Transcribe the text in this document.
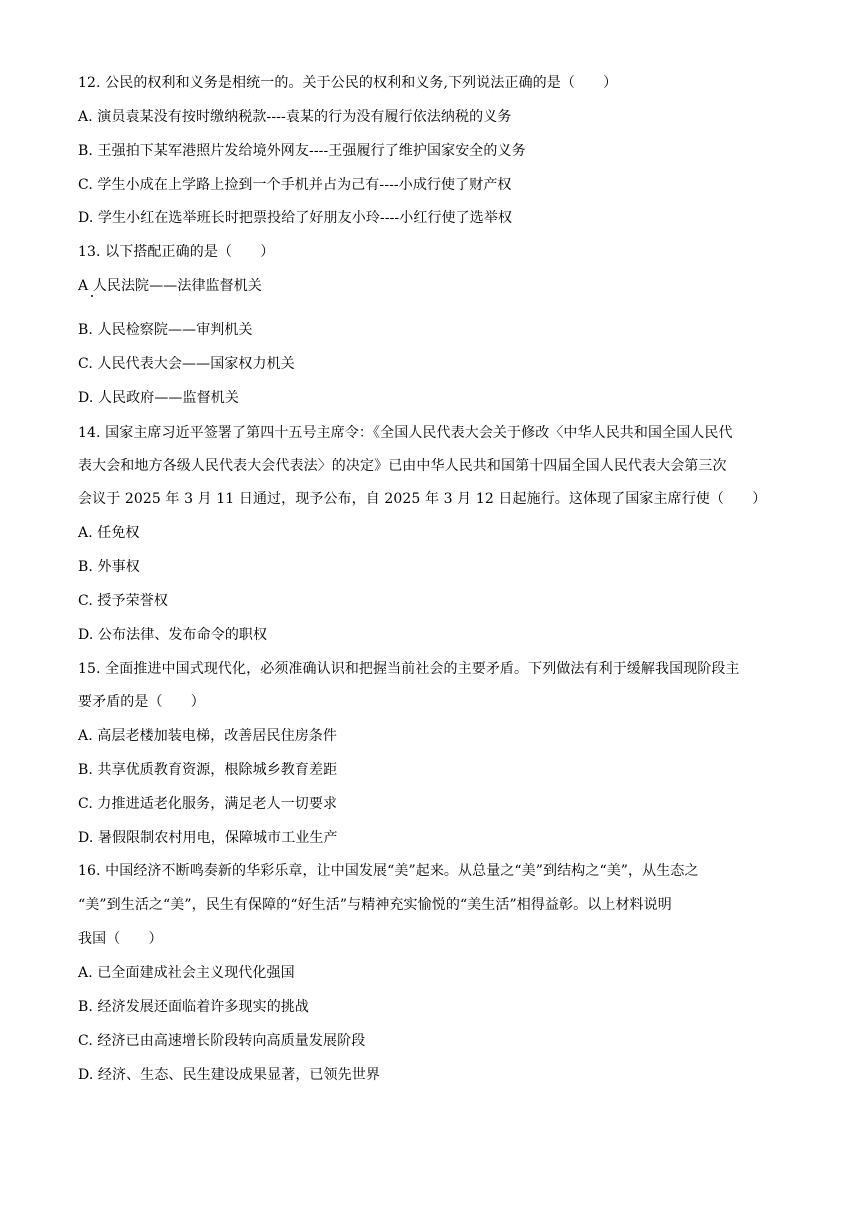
12. 公民的权利和义务是相统一的。关于公民的权利和义务,下列说法正确的是（　　）
A. 演员袁某没有按时缴纳税款----袁某的行为没有履行依法纳税的义务
B. 王强拍下某军港照片发给境外网友----王强履行了维护国家安全的义务
C. 学生小成在上学路上捡到一个手机并占为己有----小成行使了财产权
D. 学生小红在选举班长时把票投给了好朋友小玲----小红行使了选举权
13. 以下搭配正确的是（　　）
A 人民法院——法律监督机关
B. 人民检察院——审判机关
C. 人民代表大会——国家权力机关
D. 人民政府——监督机关
14. 国家主席习近平签署了第四十五号主席令：《全国人民代表大会关于修改〈中华人民共和国全国人民代
表大会和地方各级人民代表大会代表法〉的决定》已由中华人民共和国第十四届全国人民代表大会第三次
会议于 2025 年 3 月 11 日通过，现予公布，自 2025 年 3 月 12 日起施行。这体现了国家主席行使（　　）
A. 任免权
B. 外事权
C. 授予荣誉权
D. 公布法律、发布命令的职权
15. 全面推进中国式现代化，必须准确认识和把握当前社会的主要矛盾。下列做法有利于缓解我国现阶段主
要矛盾的是（　　）
A. 高层老楼加装电梯，改善居民住房条件
B. 共享优质教育资源，根除城乡教育差距
C. 力推进适老化服务，满足老人一切要求
D. 暑假限制农村用电，保障城市工业生产
16. 中国经济不断鸣奏新的华彩乐章，让中国发展“美”起来。从总量之“美”到结构之“美”，从生态之
“美”到生活之“美”，民生有保障的“好生活”与精神充实愉悦的“美生活”相得益彰。以上材料说明
我国（　　）
A. 已全面建成社会主义现代化强国
B. 经济发展还面临着许多现实的挑战
C. 经济已由高速增长阶段转向高质量发展阶段
D. 经济、生态、民生建设成果显著，已领先世界
